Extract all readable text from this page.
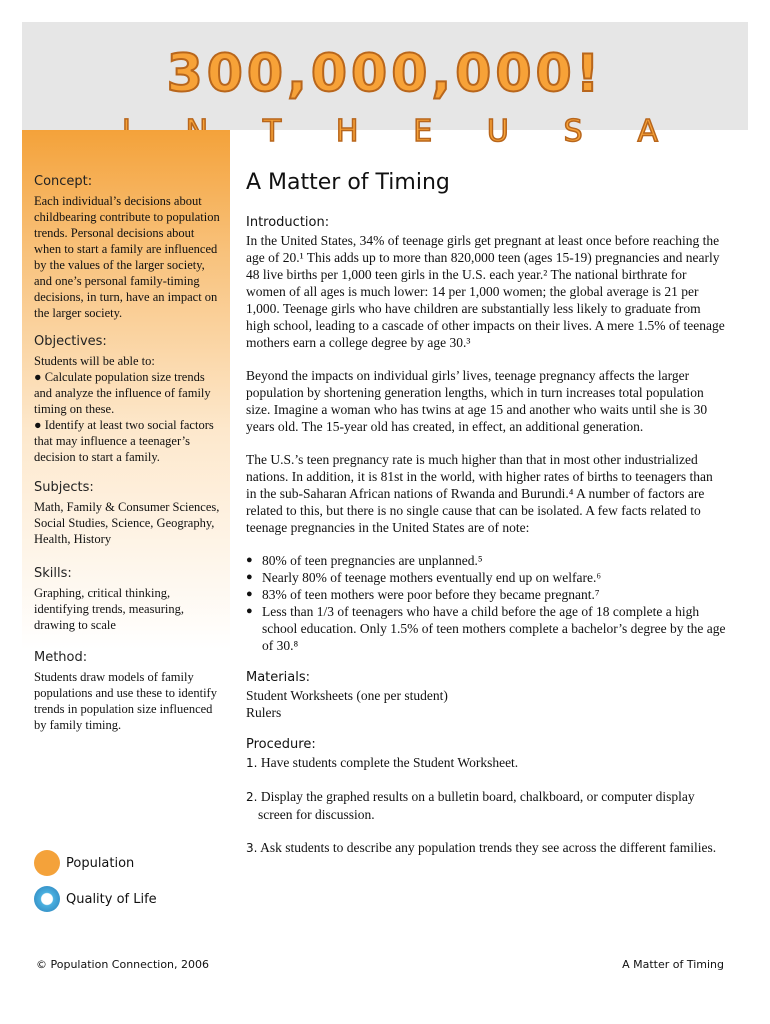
300,000,000!
T H E U S A
Concept:
Each individual’s decisions about childbearing contribute to population trends. Personal decisions about when to start a family are influenced by the values of the larger society, and one’s personal family-timing decisions, in turn, have an impact on the larger society.
Objectives:
Students will be able to:
● Calculate population size trends and analyze the influence of family timing on these.
● Identify at least two social factors that may influence a teenager’s decision to start a family.
Subjects:
Math, Family & Consumer Sciences, Social Studies, Science, Geography, Health, History
Skills:
Graphing, critical thinking, identifying trends, measuring, drawing to scale
Method:
Students draw models of family populations and use these to identify trends in population size influenced by family timing.
Population
Quality of Life
A Matter of Timing
Introduction:
In the United States, 34% of teenage girls get pregnant at least once before reaching the age of 20.¹ This adds up to more than 820,000 teen (ages 15-19) pregnancies and nearly 48 live births per 1,000 teen girls in the U.S. each year.² The national birthrate for women of all ages is much lower: 14 per 1,000 women; the global average is 21 per 1,000. Teenage girls who have children are substantially less likely to graduate from high school, leading to a cascade of other impacts on their lives. A mere 1.5% of teenage mothers earn a college degree by age 30.³
Beyond the impacts on individual girls’ lives, teenage pregnancy affects the larger population by shortening generation lengths, which in turn increases total population size. Imagine a woman who has twins at age 15 and another who waits until she is 30 years old. The 15-year old has created, in effect, an additional generation.
The U.S.’s teen pregnancy rate is much higher than that in most other industrialized nations. In addition, it is 81st in the world, with higher rates of births to teenagers than in the sub-Saharan African nations of Rwanda and Burundi.⁴ A number of factors are related to this, but there is no single cause that can be isolated. A few facts related to teenage pregnancies in the United States are of note:
● 80% of teen pregnancies are unplanned.⁵
● Nearly 80% of teenage mothers eventually end up on welfare.⁶
● 83% of teen mothers were poor before they became pregnant.⁷
● Less than 1/3 of teenagers who have a child before the age of 18 complete a high school education. Only 1.5% of teen mothers complete a bachelor’s degree by the age of 30.⁸
Materials:
Student Worksheets (one per student)
Rulers
Procedure:
1. Have students complete the Student Worksheet.
2. Display the graphed results on a bulletin board, chalkboard, or computer display screen for discussion.
3. Ask students to describe any population trends they see across the different families.
© Population Connection, 2006	A Matter of Timing
